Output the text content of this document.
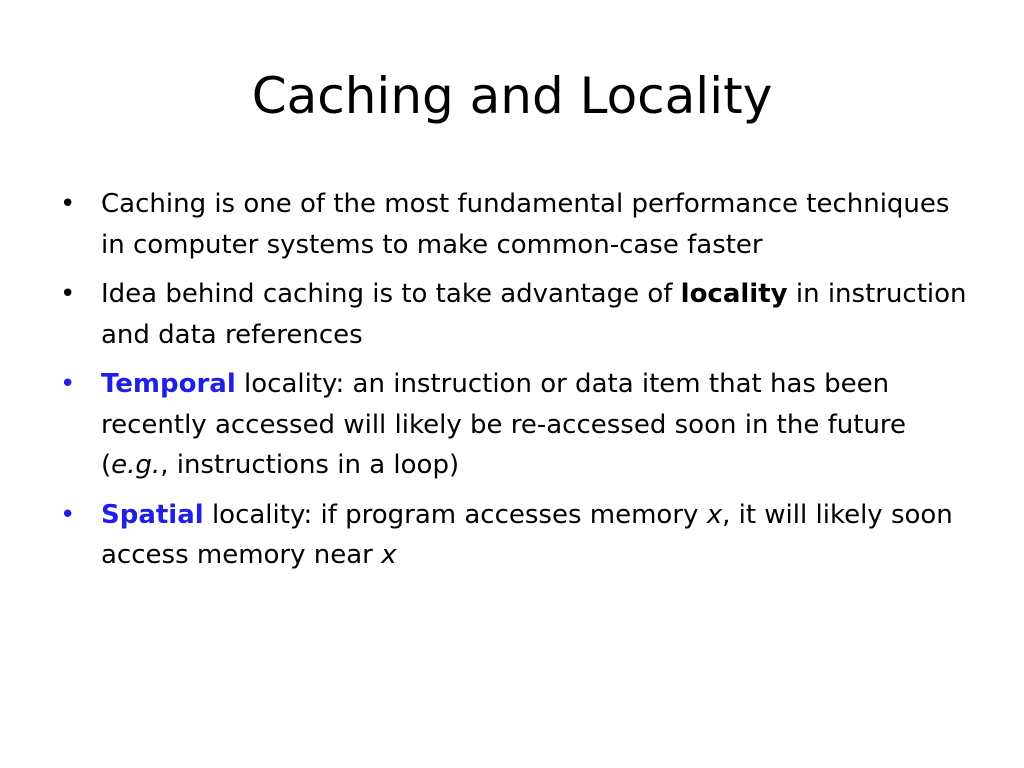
Caching and Locality
• Caching is one of the most fundamental performance techniques in computer systems to make common-case faster
• Idea behind caching is to take advantage of locality in instruction and data references
• Temporal locality: an instruction or data item that has been recently accessed will likely be re-accessed soon in the future (e.g., instructions in a loop)
• Spatial locality: if program accesses memory x, it will likely soon access memory near x
